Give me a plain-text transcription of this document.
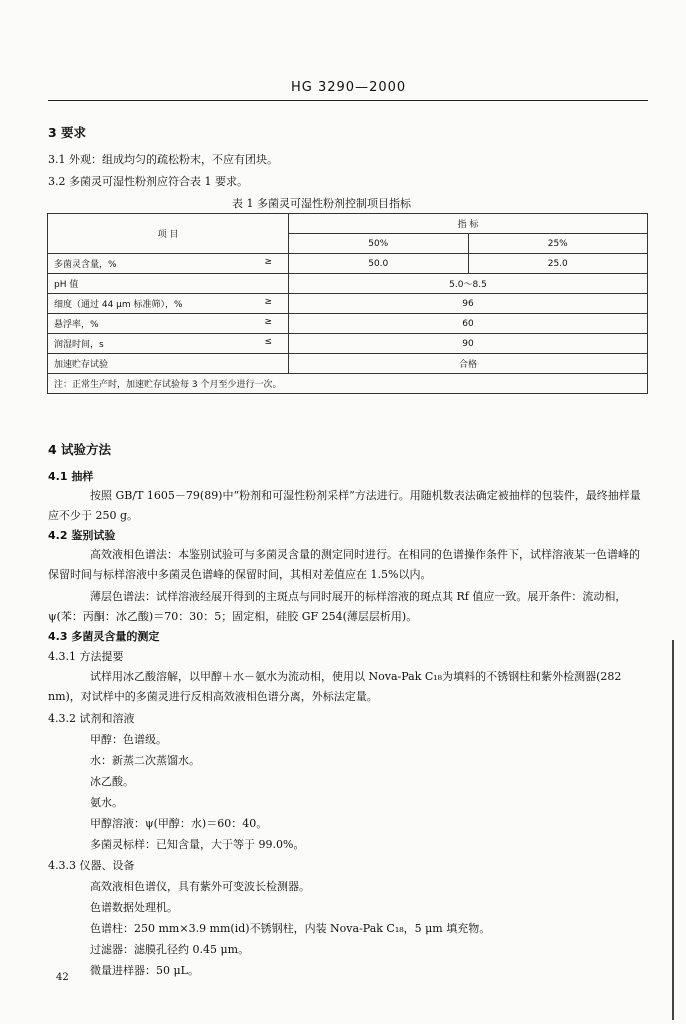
HG 3290—2000
3 要求
3.1 外观：组成均匀的疏松粉末，不应有团块。
3.2 多菌灵可湿性粉剂应符合表 1 要求。
表 1 多菌灵可湿性粉剂控制项目指标
项 目	指 标	
	50%	25%
多菌灵含量，% ≥	50.0	25.0
pH 值	5.0～8.5	
细度（通过 44 μm 标准筛），% ≥	96	
悬浮率，% ≥	60	
润湿时间，s ≤	90	
加速贮存试验	合格	
注：正常生产时，加速贮存试验每 3 个月至少进行一次。		
4 试验方法
4.1 抽样
按照 GB/T 1605－79(89)中“粉剂和可湿性粉剂采样”方法进行。用随机数表法确定被抽样的包装件，最终抽样量应不少于 250 g。
4.2 鉴别试验
高效液相色谱法：本鉴别试验可与多菌灵含量的测定同时进行。在相同的色谱操作条件下，试样溶液某一色谱峰的保留时间与标样溶液中多菌灵色谱峰的保留时间，其相对差值应在 1.5%以内。
薄层色谱法：试样溶液经展开得到的主斑点与同时展开的标样溶液的斑点其 Rf 值应一致。展开条件：流动相，ψ(苯：丙酮：冰乙酸)＝70：30：5；固定相，硅胶 GF 254(薄层层析用)。
4.3 多菌灵含量的测定
4.3.1 方法提要
试样用冰乙酸溶解，以甲醇＋水－氨水为流动相，使用以 Nova-Pak C₁₈为填料的不锈钢柱和紫外检测器(282 nm)，对试样中的多菌灵进行反相高效液相色谱分离，外标法定量。
4.3.2 试剂和溶液
甲醇：色谱级。
水：新蒸二次蒸馏水。
冰乙酸。
氨水。
甲醇溶液：ψ(甲醇：水)＝60：40。
多菌灵标样：已知含量，大于等于 99.0%。
4.3.3 仪器、设备
高效液相色谱仪，具有紫外可变波长检测器。
色谱数据处理机。
色谱柱：250 mm×3.9 mm(id)不锈钢柱，内装 Nova-Pak C₁₈，5 μm 填充物。
过滤器：滤膜孔径约 0.45 μm。
微量进样器：50 μL。
42
